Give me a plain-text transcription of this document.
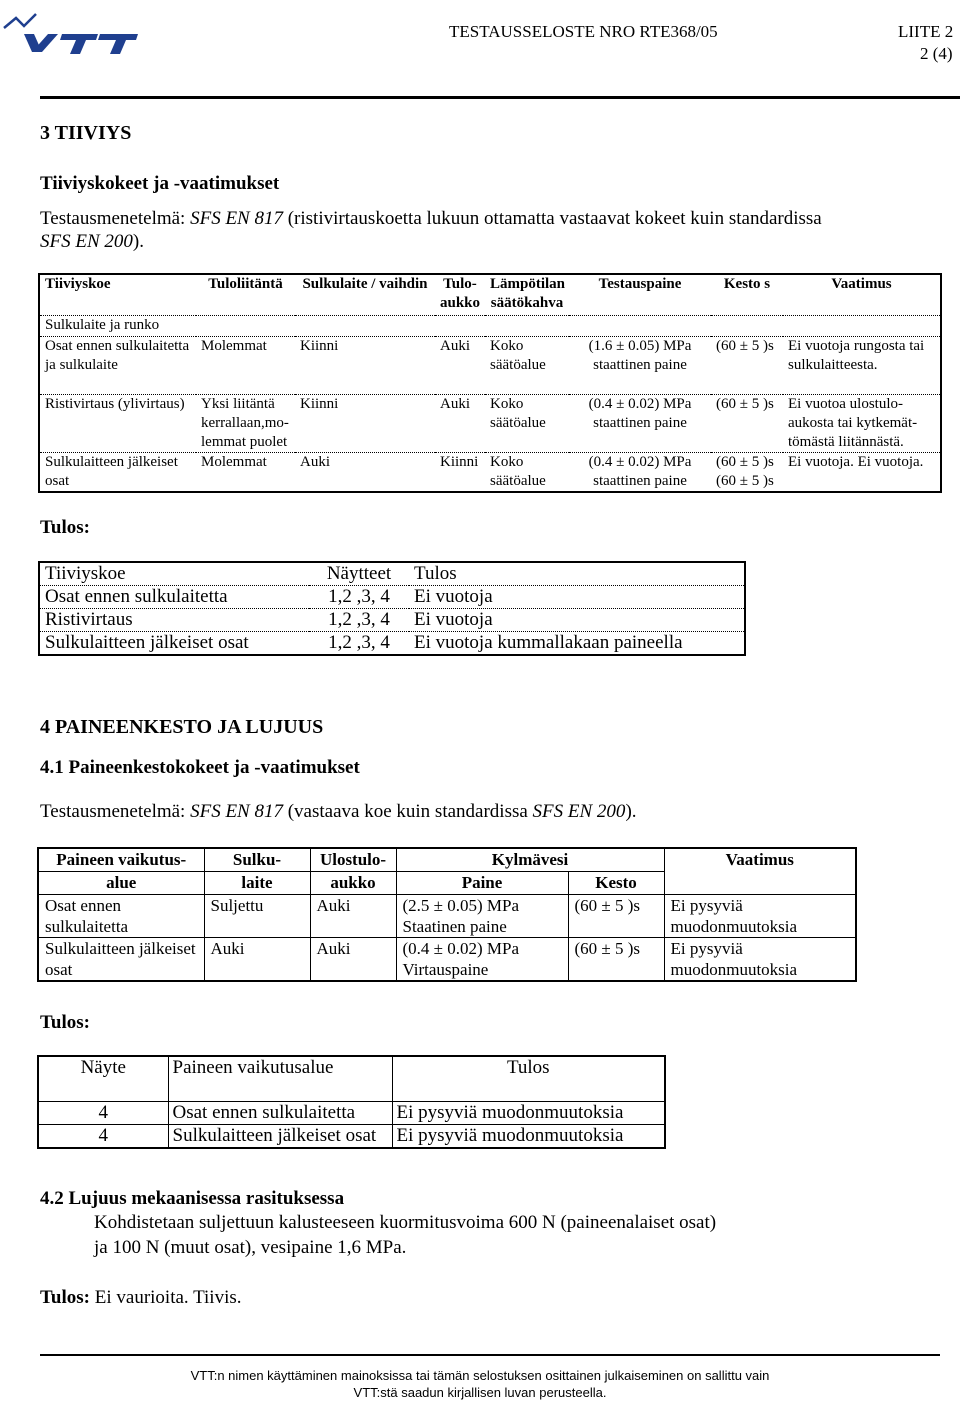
TESTAUSSELOSTE NRO RTE368/05	LIITE 2
2 (4)
3 TIIVIYS
Tiiviyskokeet ja -vaatimukset
Testausmenetelmä: SFS EN 817 (ristivirtauskoetta lukuun ottamatta vastaavat kokeet kuin standardissa
SFS EN 200).
Tiiviyskoe	Tuloliitäntä	Sulkulaite / vaihdin	Tulo- aukko	Lämpötilan säätökahva	Testauspaine	Kesto s	Vaatimus
Sulkulaite ja runko							
Osat ennen sulkulaitetta ja sulkulaite	Molemmat	Kiinni	Auki	Koko säätöalue	(1.6 ± 0.05) MPa staattinen paine	(60 ± 5 )s	Ei vuotoja rungosta tai sulkulaitteesta.
Ristivirtaus (ylivirtaus)	Yksi liitäntä kerrallaan,mo-lemmat puolet	Kiinni	Auki	Koko säätöalue	(0.4 ± 0.02) MPa staattinen paine	(60 ± 5 )s	Ei vuotoa ulostulo-aukosta tai kytkemät-tömästä liitännästä.
Sulkulaitteen jälkeiset osat	Molemmat	Auki	Kiinni	Koko säätöalue	(0.4 ± 0.02) MPa staattinen paine	(60 ± 5 )s (60 ± 5 )s	Ei vuotoja. Ei vuotoja.
Tulos:
Tiiviyskoe	Näytteet	Tulos
Osat ennen sulkulaitetta	1,2 ,3, 4	Ei vuotoja
Ristivirtaus	1,2 ,3, 4	Ei vuotoja
Sulkulaitteen jälkeiset osat	1,2 ,3, 4	Ei vuotoja kummallakaan paineella
4 PAINEENKESTO JA LUJUUS
4.1 Paineenkestokokeet ja -vaatimukset
Testausmenetelmä: SFS EN 817 (vastaava koe kuin standardissa SFS EN 200).
Paineen vaikutus-	Sulku-	Ulostulo-	Kylmävesi		Vaatimus
alue	laite	aukko	Paine	Kesto	
Osat ennen sulkulaitetta	Suljettu	Auki	(2.5 ± 0.05) MPa Staatinen paine	(60 ± 5 )s	Ei pysyviä muodonmuutoksia
Sulkulaitteen jälkeiset osat	Auki	Auki	(0.4 ± 0.02) MPa Virtauspaine	(60 ± 5 )s	Ei pysyviä muodonmuutoksia
Tulos:
Näyte	Paineen vaikutusalue	Tulos
4	Osat ennen sulkulaitetta	Ei pysyviä muodonmuutoksia
4	Sulkulaitteen jälkeiset osat	Ei pysyviä muodonmuutoksia
4.2 Lujuus mekaanisessa rasituksessa
Kohdistetaan suljettuun kalusteeseen kuormitusvoima 600 N (paineenalaiset osat)
ja 100 N (muut osat), vesipaine 1,6 MPa.
Tulos: Ei vaurioita. Tiivis.
VTT:n nimen käyttäminen mainoksissa tai tämän selostuksen osittainen julkaiseminen on sallittu vain
VTT:stä saadun kirjallisen luvan perusteella.
